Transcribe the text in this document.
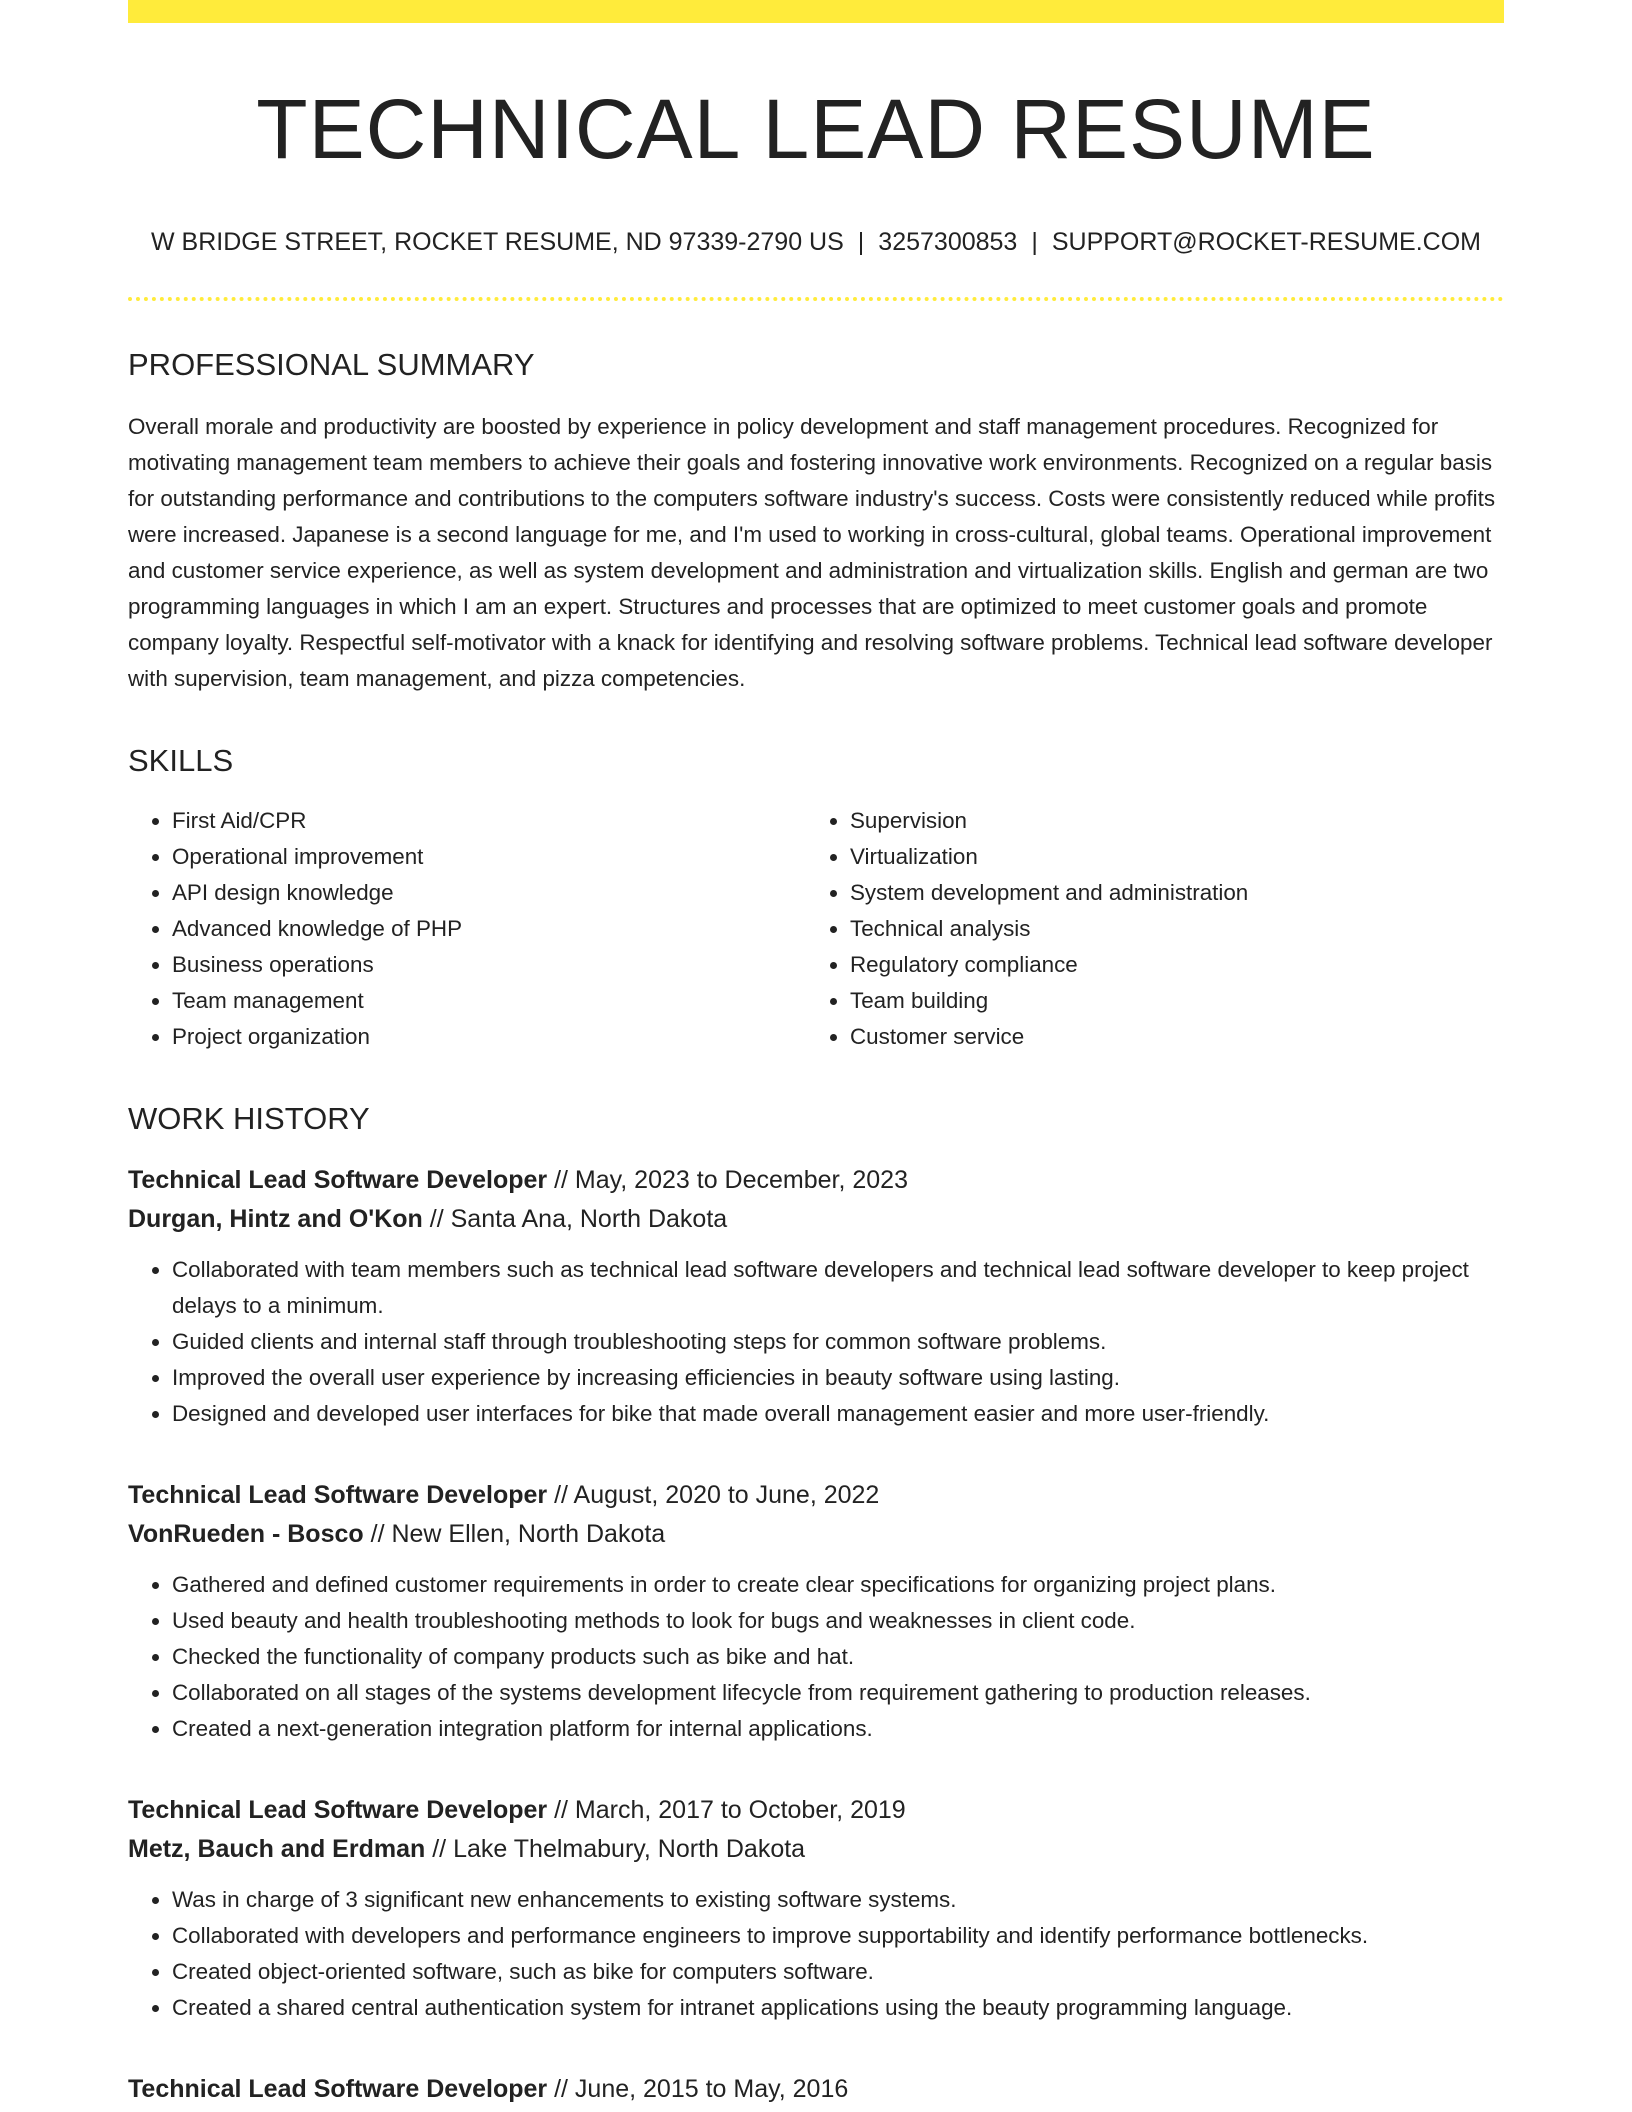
TECHNICAL LEAD RESUME
W BRIDGE STREET, ROCKET RESUME, ND 97339-2790 US | 3257300853 | SUPPORT@ROCKET-RESUME.COM
PROFESSIONAL SUMMARY

Overall morale and productivity are boosted by experience in policy development and staff management procedures. Recognized for motivating management team members to achieve their goals and fostering innovative work environments. Recognized on a regular basis for outstanding performance and contributions to the computers software industry's success. Costs were consistently reduced while profits were increased. Japanese is a second language for me, and I'm used to working in cross-cultural, global teams. Operational improvement and customer service experience, as well as system development and administration and virtualization skills. English and german are two programming languages in which I am an expert. Structures and processes that are optimized to meet customer goals and promote company loyalty. Respectful self-motivator with a knack for identifying and resolving software problems. Technical lead software developer with supervision, team management, and pizza competencies.

SKILLS
• First Aid/CPR
• Operational improvement
• API design knowledge
• Advanced knowledge of PHP
• Business operations
• Team management
• Project organization
• Supervision
• Virtualization
• System development and administration
• Technical analysis
• Regulatory compliance
• Team building
• Customer service
WORK HISTORY
Technical Lead Software Developer // May, 2023 to December, 2023
Durgan, Hintz and O'Kon // Santa Ana, North Dakota
• Collaborated with team members such as technical lead software developers and technical lead software developer to keep project delays to a minimum.
• Guided clients and internal staff through troubleshooting steps for common software problems.
• Improved the overall user experience by increasing efficiencies in beauty software using lasting.
• Designed and developed user interfaces for bike that made overall management easier and more user-friendly.
Technical Lead Software Developer // August, 2020 to June, 2022
VonRueden - Bosco // New Ellen, North Dakota
• Gathered and defined customer requirements in order to create clear specifications for organizing project plans.
• Used beauty and health troubleshooting methods to look for bugs and weaknesses in client code.
• Checked the functionality of company products such as bike and hat.
• Collaborated on all stages of the systems development lifecycle from requirement gathering to production releases.
• Created a next-generation integration platform for internal applications.
Technical Lead Software Developer // March, 2017 to October, 2019
Metz, Bauch and Erdman // Lake Thelmabury, North Dakota
• Was in charge of 3 significant new enhancements to existing software systems.
• Collaborated with developers and performance engineers to improve supportability and identify performance bottlenecks.
• Created object-oriented software, such as bike for computers software.
• Created a shared central authentication system for intranet applications using the beauty programming language.
Technical Lead Software Developer // June, 2015 to May, 2016
